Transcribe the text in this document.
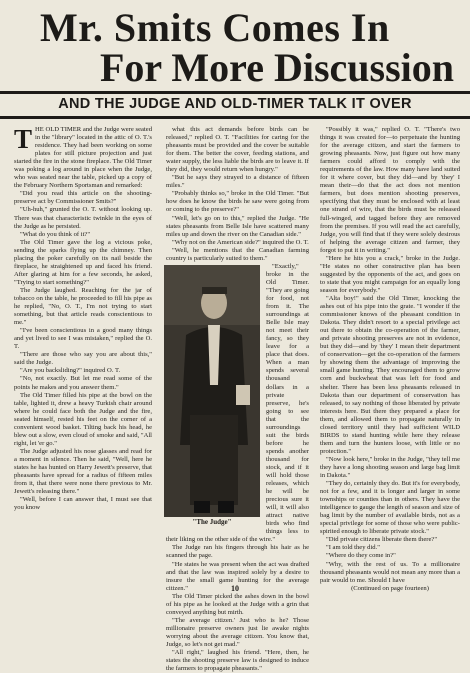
Mr. Smits Comes In
For More Discussion
AND THE JUDGE AND OLD-TIMER TALK IT OVER

THE OLD TIMER and the Judge were seated in the "library" located in the attic of O. T.'s residence. They had been working on some plates for still picture projection and just started the fire in the stone fireplace. The Old Timer was poking a log around in place when the Judge, who was seated near the table, picked up a copy of the February Northern Sportsman and remarked:

"Did you read this article on the shooting-preserve act by Commissioner Smits?"

"Uh-huh," grunted the O. T. without looking up. There was that characteristic twinkle in the eyes of the Judge as he persisted.

"What do you think of it?"

The Old Timer gave the log a vicious poke, sending the sparks flying up the chimney. Then placing the poker carefully on its nail beside the fireplace, he straightened up and faced his friend. After glaring at him for a few seconds, he asked, "Trying to start something?"

The Judge laughed. Reaching for the jar of tobacco on the table, he proceeded to fill his pipe as he replied, "No, O. T., I'm not trying to start something, but that article reads conscientious to me."

"I've been conscientious in a good many things and yet lived to see I was mistaken," replied the O. T.

"There are those who say you are about this," said the Judge.

"Are you backsliding?" inquired O. T.

"No, not exactly. But let me read some of the points he makes and you answer them."

The Old Timer filled his pipe at the bowl on the table, lighted it, drew a heavy Turkish chair around where he could face both the Judge and the fire, seated himself, rested his feet on the corner of a convenient wood basket. Tilting back his head, he blew out a slow, even cloud of smoke and said, "All right, let 'er go."

The Judge adjusted his nose glasses and read for a moment in silence. Then he said, "Well, here he states he has hunted on Harry Jewett's preserve, that pheasants have spread for a radius of fifteen miles from it, that there were none there previous to Mr. Jewett's releasing there."

"Well, before I can answer that, I must see that you know

what this act demands before birds can be released," replied O. T. "Facilities for caring for the pheasants must be provided and the cover be suitable for them. The better the cover, feeding stations, and water supply, the less liable the birds are to leave it. If they did, they would return when hungry."

"But he says they strayed to a distance of fifteen miles."

"Probably thinks so," broke in the Old Timer. "But how does he know the birds he saw were going from or coming to the preserve?"

"Well, let's go on to this," replied the Judge. "He states pheasants from Belle Isle have scattered many miles up and down the river on the Canadian side."

"Why not on the American side?" inquired the O. T.

"Well, he mentions that the Canadian farming country is particularly suited to them."

"The Judge"

"Exactly," broke in the Old Timer. "They are going for food, not from it. The surroundings at Belle Isle may not meet their fancy, so they leave for a place that does. When a man spends several thousand dollars in a private preserve, he's going to see that the surroundings suit the birds before he spends another thousand for stock, and if it will hold those releases, which he will be precious sure it will, it will also attract native birds who find things less to their liking on the other side of the wire."

The Judge ran his fingers through his hair as he scanned the page.

"He states he was present when the act was drafted and that the law was inspired solely by a desire to insure the small game hunting for the average citizen."

The Old Timer picked the ashes down in the bowl of his pipe as he looked at the Judge with a grin that conveyed anything but mirth.

"The average citizen.' Just who is he? Those millionaire preserve owners just lie awake nights worrying about the average citizen. You know that, Judge, so let's not get mad."

"All right," laughed his friend. "Here, then, he states the shooting preserve law is designed to induce the farmers to propagate pheasants."

"Possibly it was," replied O. T. "There's two things it was created for—to perpetuate the hunting for the average citizen, and start the farmers to growing pheasants. Now, just figure out how many farmers could afford to comply with the requirements of the law. How many have land suited for it where cover, but they did—and by 'they' I mean their—do that the act does not mention farmers, but does mention shooting preserves, specifying that they must be enclosed with at least one strand of wire, that the birds must be released full-winged, and tagged before they are removed from the premises. If you will read the act carefully, Judge, you will find that if they were solely desirous of helping the average citizen and farmer, they forgot to put it in writing."

"Here he hits you a crack," broke in the Judge. "He states no other constructive plan has been suggested by the opponents of the act, and goes on to state that you might campaign for an equally long season for everybody."

"Alta boy!" said the Old Timer, knocking the ashes out of his pipe into the grate. "I wonder if the commissioner knows of the pheasant condition in Dakota. They didn't resort to a special privilege act out there to obtain the co-operation of the farmer, and private shooting preserves are not in evidence, but they did—and by 'they' I mean their department of conservation—get the co-operation of the farmers by showing them the advantage of improving the small game hunting. They encouraged them to grow corn and buckwheat that was left for food and shelter. There has been less pheasants released in Dakota than our department of conservation has released, to say nothing of those liberated by private interests here. But there they prepared a place for them, and allowed them to propagate naturally in closed territory until they had sufficient WILD BIRDS to stand hunting while here they release them and turn the hunters loose, with little or no protection."

"Now look here," broke in the Judge, "they tell me they have a long shooting season and large bag limit in Dakota."

"They do, certainly they do. But it's for everybody, not for a few, and it is longer and larger in some townships or counties than in others. They have the intelligence to gauge the length of season and size of bag limit by the number of available birds, not as a special privilege for some of those who were public-spirited enough to liberate private stock."

"Did private citizens liberate them there?"

"I am told they did."

"Where do they come in?"

"Why, with the rest of us. To a millionaire thousand pheasants would not mean any more than a pair would to me. Should I have

(Continued on page fourteen)

10
